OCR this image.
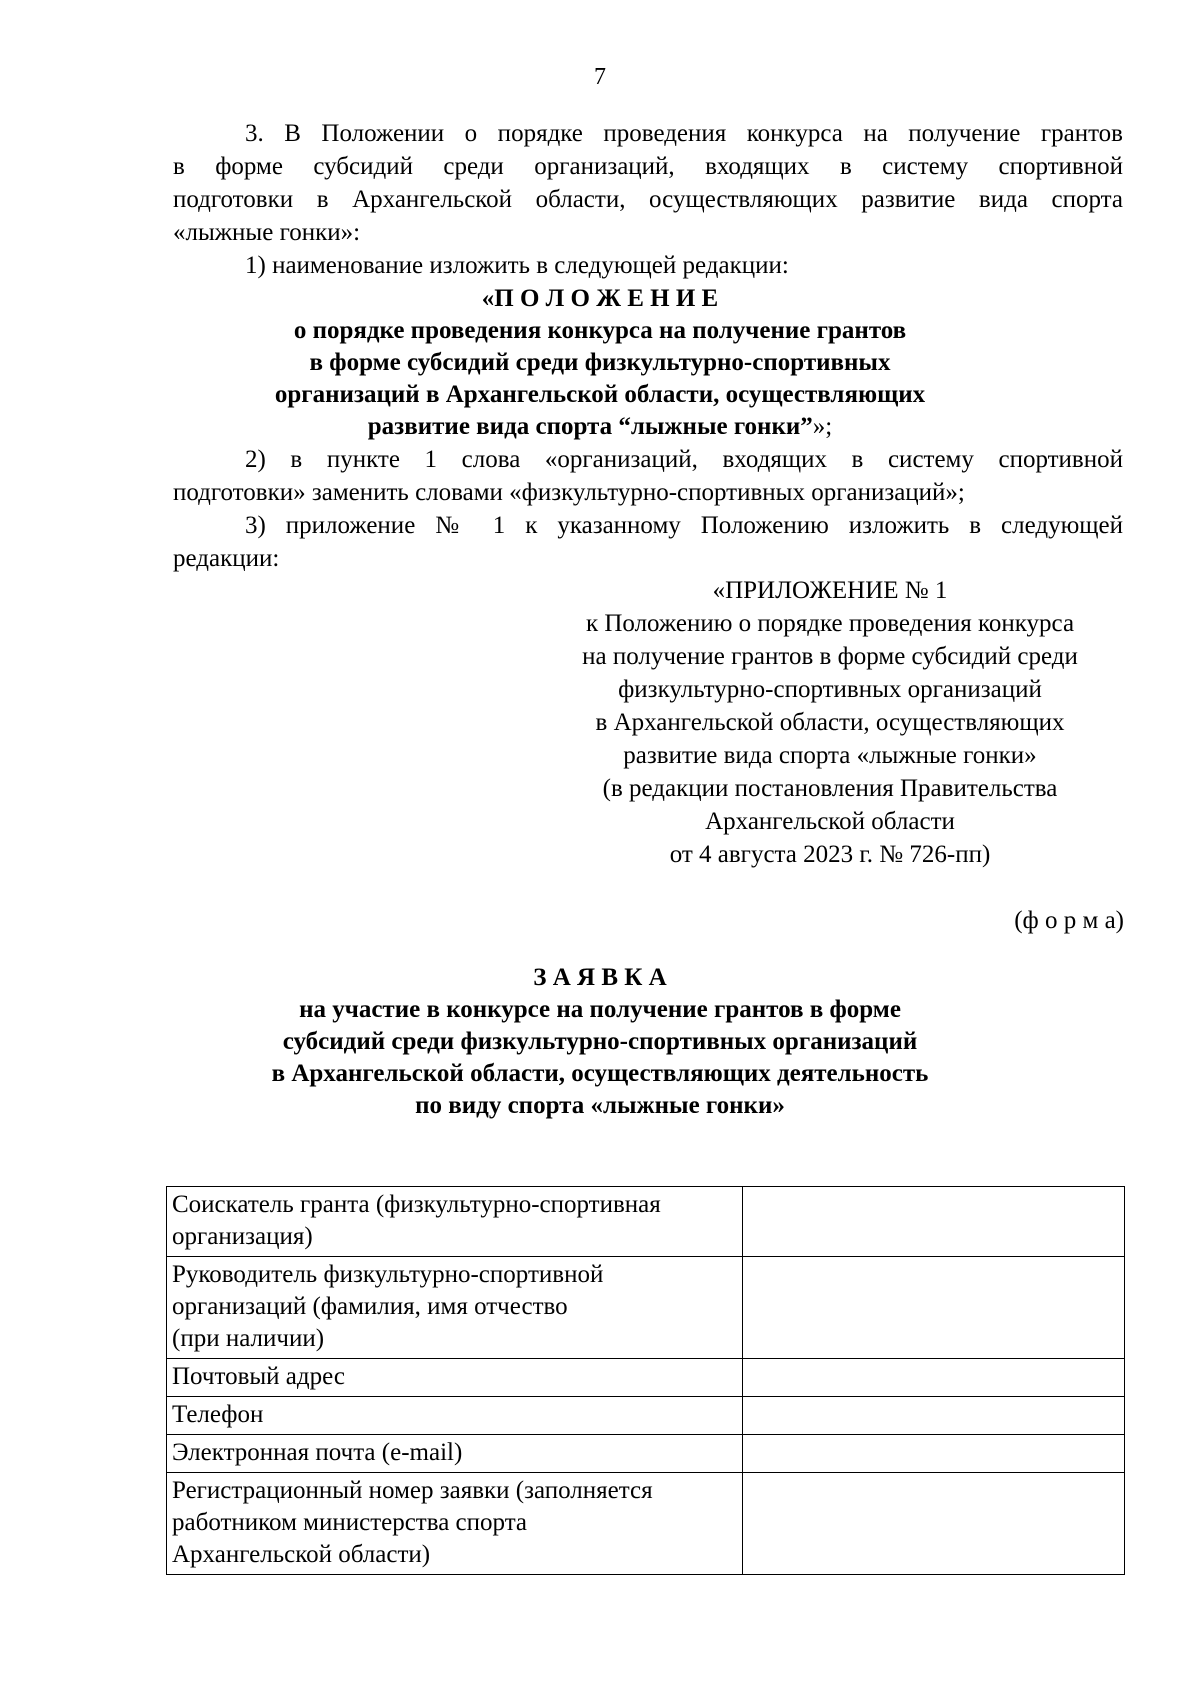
7
3. В Положении о порядке проведения конкурса на получение грантов
в форме субсидий среди организаций, входящих в систему спортивной
подготовки в Архангельской области, осуществляющих развитие вида спорта
«лыжные гонки»:
1) наименование изложить в следующей редакции:
«П О Л О Ж Е Н И Е
о порядке проведения конкурса на получение грантов
в форме субсидий среди физкультурно-спортивных
организаций в Архангельской области, осуществляющих
развитие вида спорта “лыжные гонки”»;
2) в пункте 1 слова «организаций, входящих в систему спортивной
подготовки» заменить словами «физкультурно-спортивных организаций»;
3) приложение № 1 к указанному Положению изложить в следующей
редакции:
«ПРИЛОЖЕНИЕ № 1
к Положению о порядке проведения конкурса
на получение грантов в форме субсидий среди
физкультурно-спортивных организаций
в Архангельской области, осуществляющих
развитие вида спорта «лыжные гонки»
(в редакции постановления Правительства
Архангельской области
от 4 августа 2023 г. № 726-пп)
(ф о р м а)
З А Я В К А
на участие в конкурсе на получение грантов в форме
субсидий среди физкультурно-спортивных организаций
в Архангельской области, осуществляющих деятельность
по виду спорта «лыжные гонки»
Соискатель гранта (физкультурно-спортивная
организация)	

Руководитель физкультурно-спортивной
организаций (фамилия, имя отчество
(при наличии)	

Почтовый адрес	

Телефон	

Электронная почта (e-mail)	

Регистрационный номер заявки (заполняется
работником министерства спорта
Архангельской области)	
